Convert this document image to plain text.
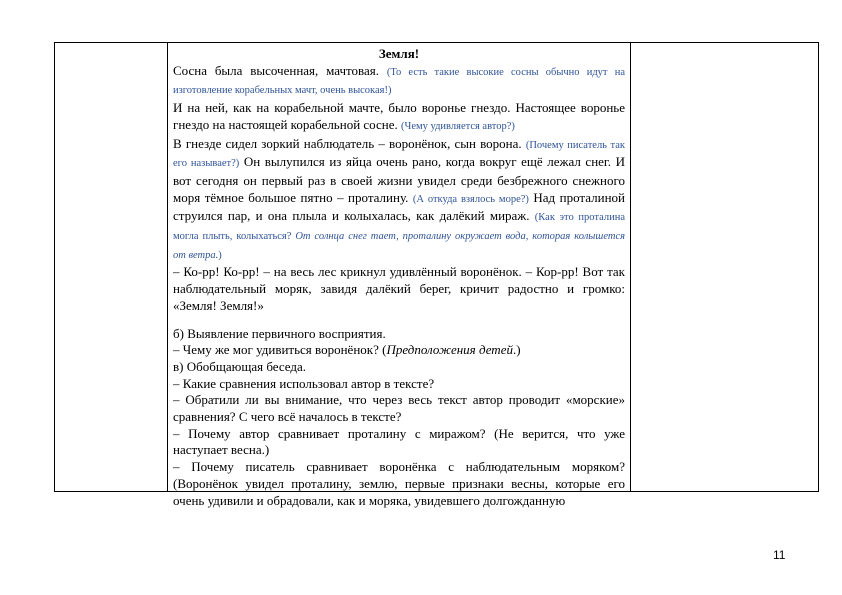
Земля!

Сосна была высоченная, мачтовая. (То есть такие высокие сосны обычно идут на изготовление корабельных мачт, очень высокая!)

И на ней, как на корабельной мачте, было воронье гнездо. Настоящее воронье гнездо на настоящей корабельной сосне. (Чему удивляется автор?)

В гнезде сидел зоркий наблюдатель – воронёнок, сын ворона. (Почему писатель так его называет?) Он вылупился из яйца очень рано, когда вокруг ещё лежал снег. И вот сегодня он первый раз в своей жизни увидел среди безбрежного снежного моря тёмное большое пятно – проталину. (А откуда взялось море?) Над проталиной струился пар, и она плыла и колыхалась, как далёкий мираж. (Как это проталина могла плыть, колыхаться? От солнца снег тает, проталину окружает вода, которая колышется от ветра.)

– Ко-рр! Ко-рр! – на весь лес крикнул удивлённый воронёнок. – Кор-рр! Вот так наблюдательный моряк, завидя далёкий берег, кричит радостно и громко: «Земля! Земля!»

б) Выявление первичного восприятия.

– Чему же мог удивиться воронёнок? (Предположения детей.)

в) Обобщающая беседа.

– Какие сравнения использовал автор в тексте?

– Обратили ли вы внимание, что через весь текст автор проводит «морские» сравнения? С чего всё началось в тексте?

– Почему автор сравнивает проталину с миражом? (Не верится, что уже наступает весна.)

– Почему писатель сравнивает воронёнка с наблюдательным моряком? (Воронёнок увидел проталину, землю, первые признаки весны, которые его очень удивили и обрадовали, как и моряка, увидевшего долгожданную

11
